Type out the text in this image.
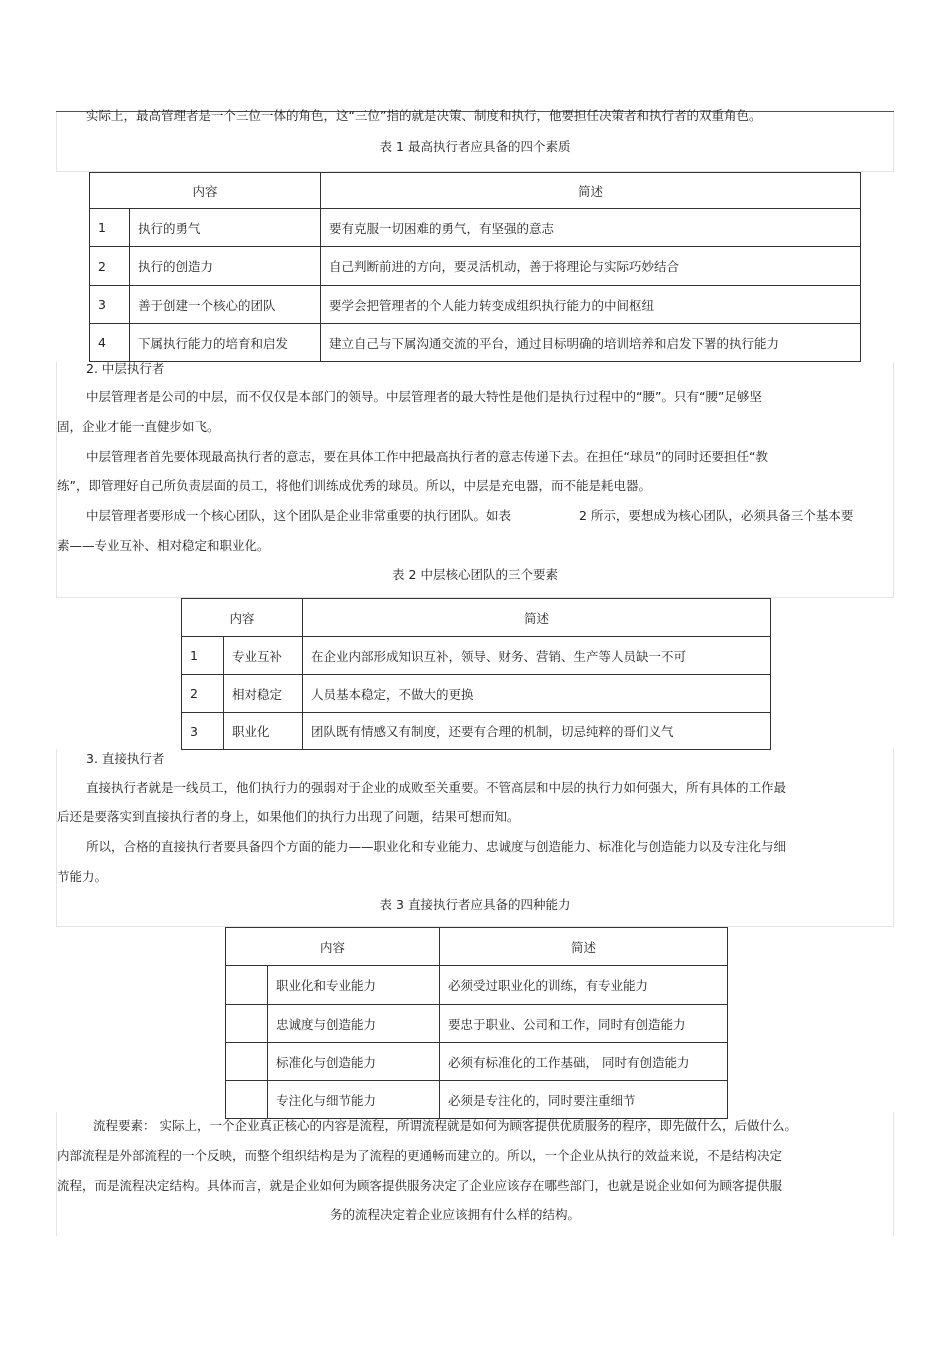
实际上，最高管理者是一个三位一体的角色，这“三位”指的就是决策、制度和执行，他要担任决策者和执行者的双重角色。
表 1 最高执行者应具备的四个素质
内容		简述
1	执行的勇气	要有克服一切困难的勇气，有坚强的意志
2	执行的创造力	自己判断前进的方向，要灵活机动，善于将理论与实际巧妙结合
3	善于创建一个核心的团队	要学会把管理者的个人能力转变成组织执行能力的中间枢纽
4	下属执行能力的培育和启发	建立自己与下属沟通交流的平台，通过目标明确的培训培养和启发下署的执行能力
2. 中层执行者
中层管理者是公司的中层，而不仅仅是本部门的领导。中层管理者的最大特性是他们是执行过程中的“腰”。只有“腰”足够坚
固，企业才能一直健步如飞。
中层管理者首先要体现最高执行者的意志，要在具体工作中把最高执行者的意志传递下去。在担任“球员”的同时还要担任“教
练”，即管理好自己所负责层面的员工，将他们训练成优秀的球员。所以，中层是充电器，而不能是耗电器。
中层管理者要形成一个核心团队，这个团队是企业非常重要的执行团队。如表	2 所示，要想成为核心团队，必须具备三个基本要
素——专业互补、相对稳定和职业化。
表 2 中层核心团队的三个要素
内容		简述
1	专业互补	在企业内部形成知识互补，领导、财务、营销、生产等人员缺一不可
2	相对稳定	人员基本稳定，不做大的更换
3	职业化	团队既有情感又有制度，还要有合理的机制，切忌纯粹的哥们义气
3. 直接执行者
直接执行者就是一线员工，他们执行力的强弱对于企业的成败至关重要。不管高层和中层的执行力如何强大，所有具体的工作最
后还是要落实到直接执行者的身上，如果他们的执行力出现了问题，结果可想而知。
所以，合格的直接执行者要具备四个方面的能力——职业化和专业能力、忠诚度与创造能力、标准化与创造能力以及专注化与细
节能力。
表 3 直接执行者应具备的四种能力
内容		简述
	职业化和专业能力	必须受过职业化的训练，有专业能力
	忠诚度与创造能力	要忠于职业、公司和工作，同时有创造能力
	标准化与创造能力	必须有标准化的工作基础， 同时有创造能力
	专注化与细节能力	必须是专注化的，同时要注重细节
流程要素： 实际上，一个企业真正核心的内容是流程，所谓流程就是如何为顾客提供优质服务的程序，即先做什么，后做什么。
内部流程是外部流程的一个反映，而整个组织结构是为了流程的更通畅而建立的。所以，一个企业从执行的效益来说，不是结构决定
流程，而是流程决定结构。具体而言，就是企业如何为顾客提供服务决定了企业应该存在哪些部门，也就是说企业如何为顾客提供服
务的流程决定着企业应该拥有什么样的结构。
